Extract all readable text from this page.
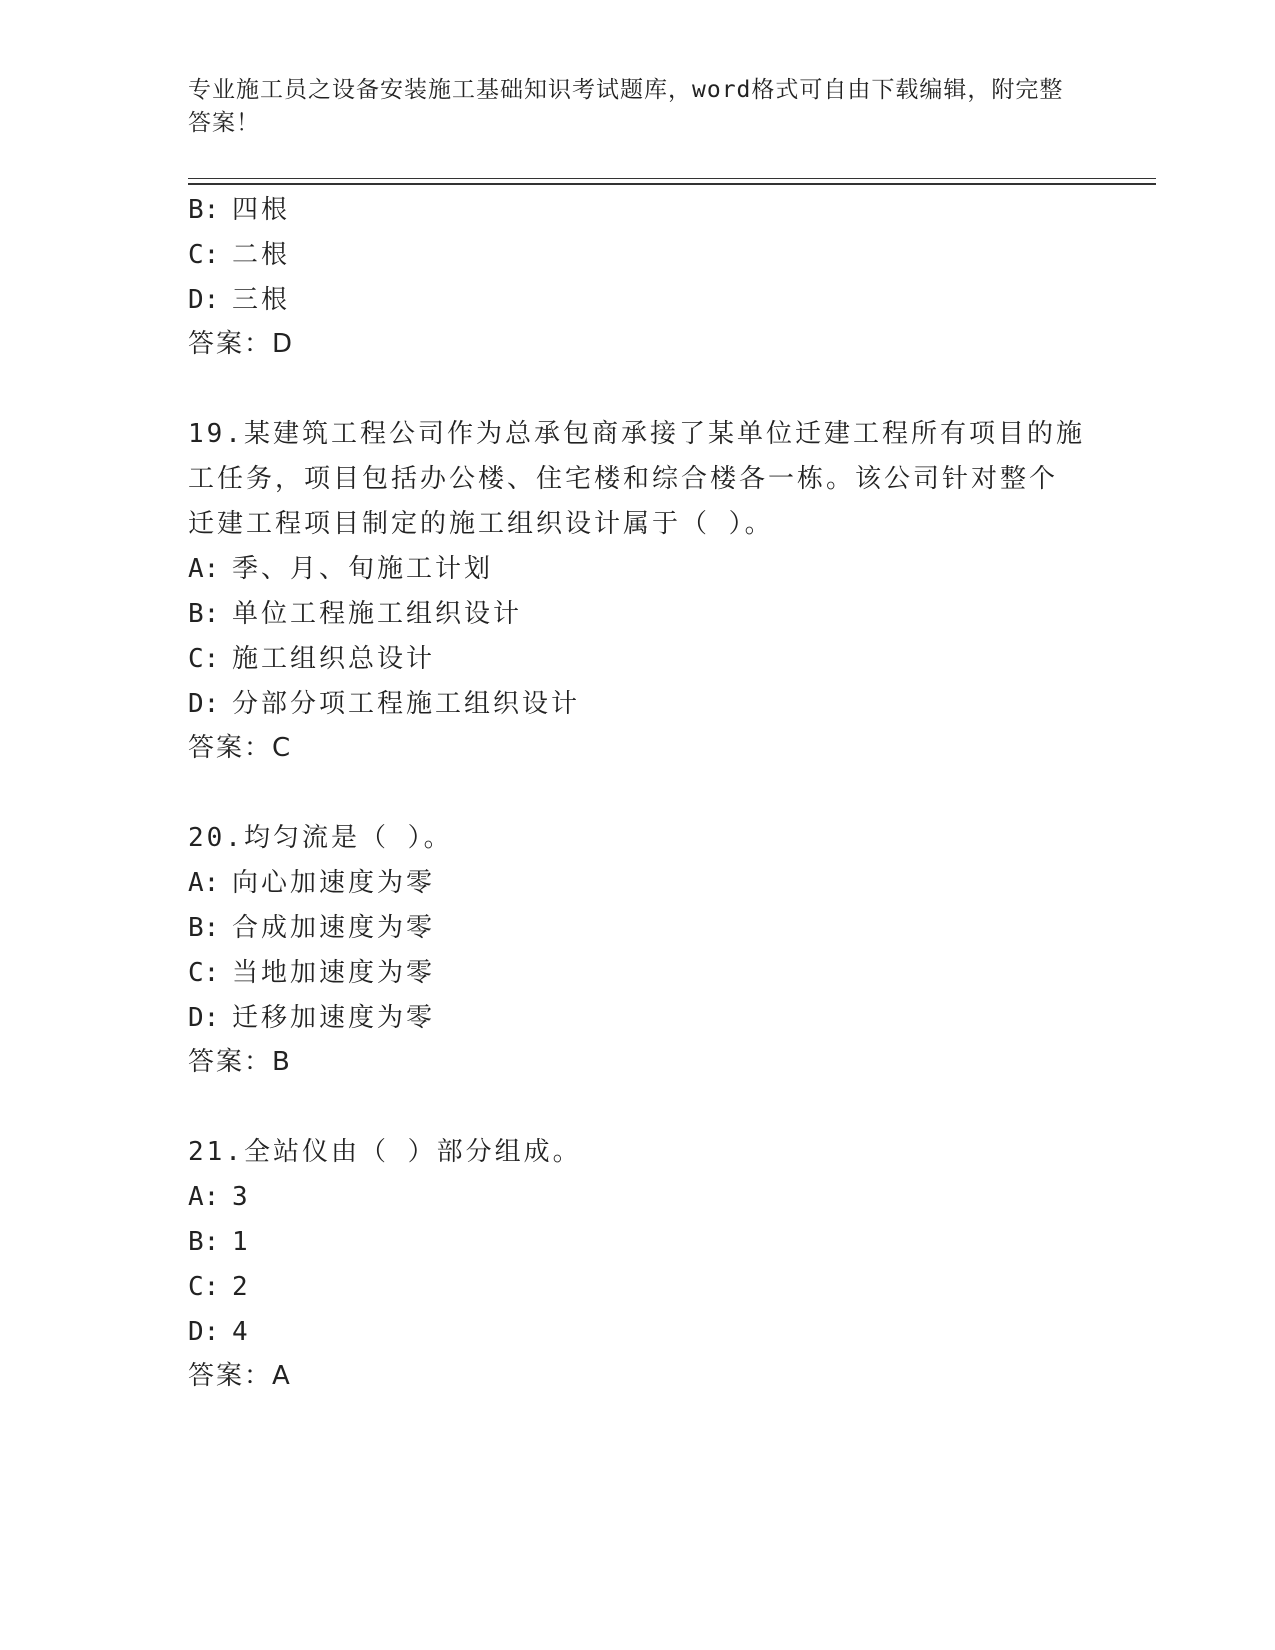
专业施工员之设备安装施工基础知识考试题库，word格式可自由下载编辑，附完整答案！
B: 四根
C: 二根
D: 三根
答案：D
19.某建筑工程公司作为总承包商承接了某单位迁建工程所有项目的施
工任务，项目包括办公楼、住宅楼和综合楼各一栋。该公司针对整个
迁建工程项目制定的施工组织设计属于（ ）。
A: 季、月、旬施工计划
B: 单位工程施工组织设计
C: 施工组织总设计
D: 分部分项工程施工组织设计
答案：C
20.均匀流是（ ）。
A: 向心加速度为零
B: 合成加速度为零
C: 当地加速度为零
D: 迁移加速度为零
答案：B
21.全站仪由（ ）部分组成。
A: 3
B: 1
C: 2
D: 4
答案：A
